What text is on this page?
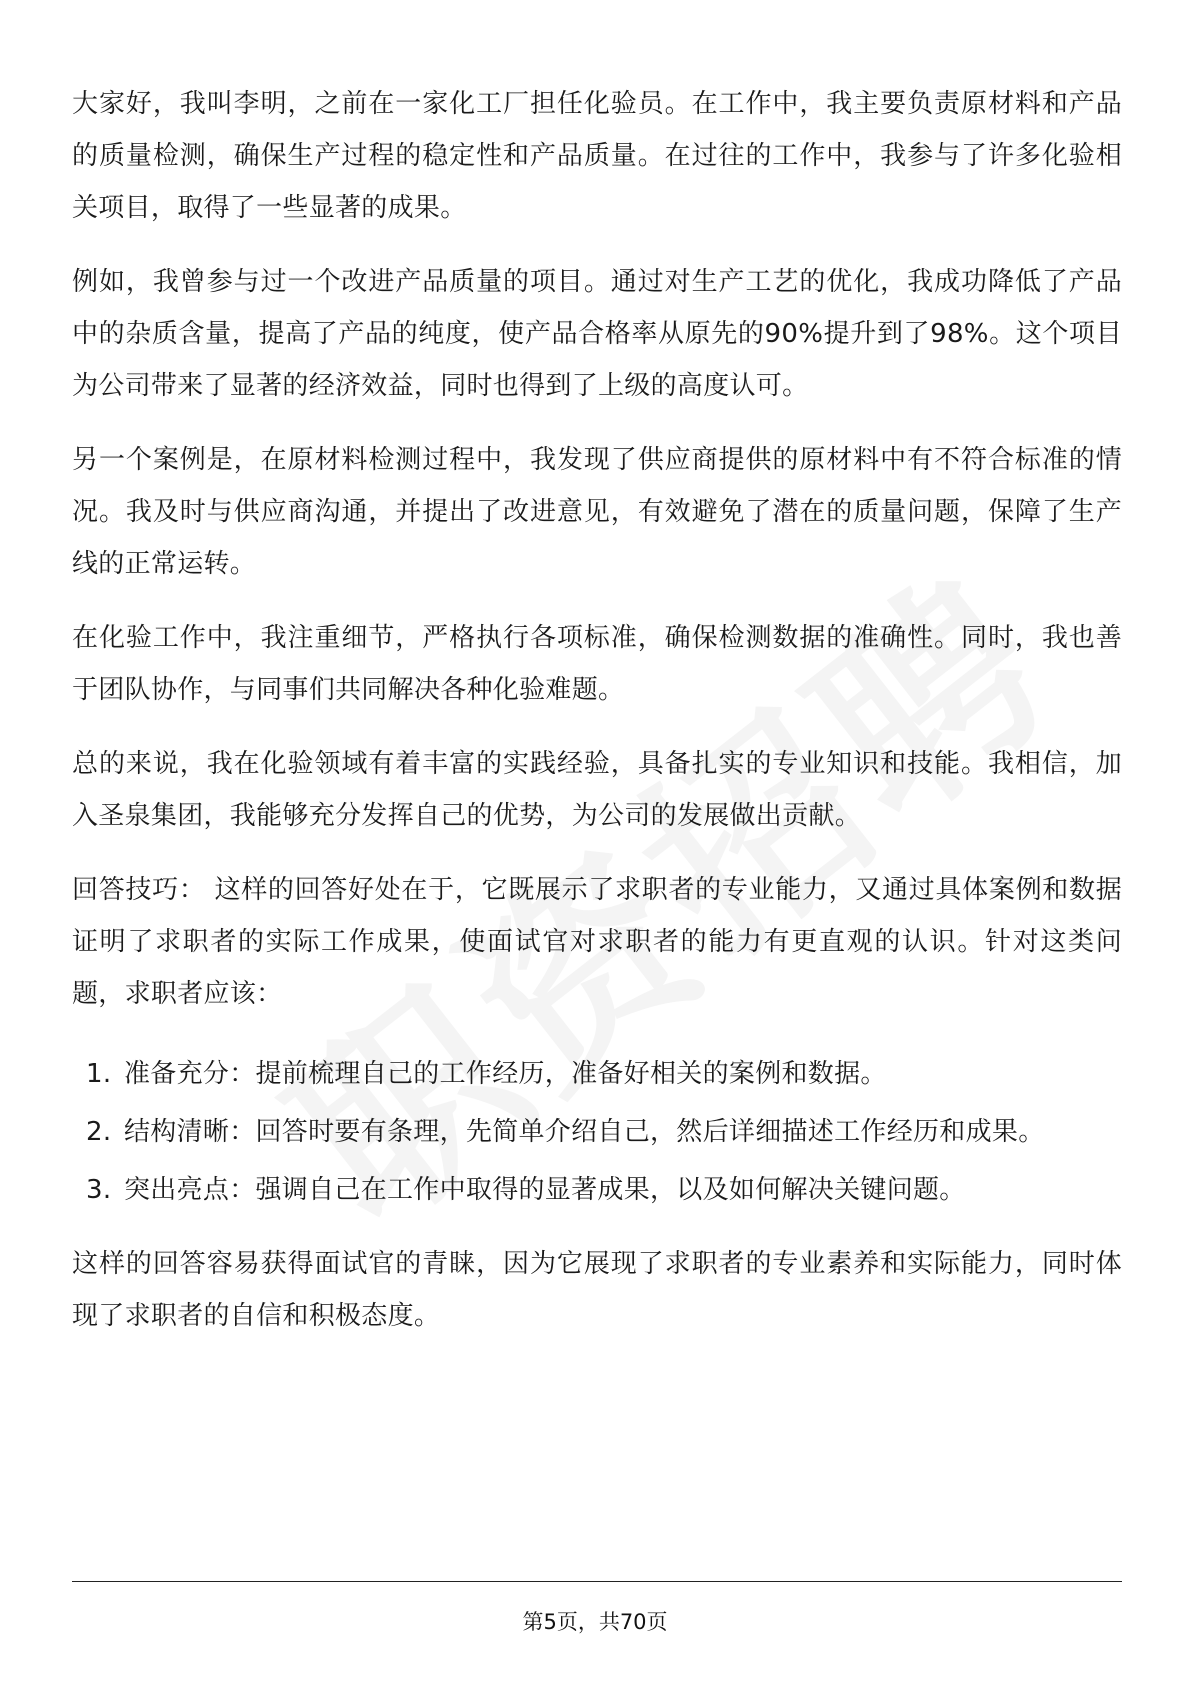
大家好，我叫李明，之前在一家化工厂担任化验员。在工作中，我主要负责原材料和产品的质量检测，确保生产过程的稳定性和产品质量。在过往的工作中，我参与了许多化验相关项目，取得了一些显著的成果。

例如，我曾参与过一个改进产品质量的项目。通过对生产工艺的优化，我成功降低了产品中的杂质含量，提高了产品的纯度，使产品合格率从原先的90%提升到了98%。这个项目为公司带来了显著的经济效益，同时也得到了上级的高度认可。

另一个案例是，在原材料检测过程中，我发现了供应商提供的原材料中有不符合标准的情况。我及时与供应商沟通，并提出了改进意见，有效避免了潜在的质量问题，保障了生产线的正常运转。

在化验工作中，我注重细节，严格执行各项标准，确保检测数据的准确性。同时，我也善于团队协作，与同事们共同解决各种化验难题。

总的来说，我在化验领域有着丰富的实践经验，具备扎实的专业知识和技能。我相信，加入圣泉集团，我能够充分发挥自己的优势，为公司的发展做出贡献。

回答技巧： 这样的回答好处在于，它既展示了求职者的专业能力，又通过具体案例和数据证明了求职者的实际工作成果，使面试官对求职者的能力有更直观的认识。针对这类问题，求职者应该：

1. 准备充分：提前梳理自己的工作经历，准备好相关的案例和数据。
2. 结构清晰：回答时要有条理，先简单介绍自己，然后详细描述工作经历和成果。
3. 突出亮点：强调自己在工作中取得的显著成果，以及如何解决关键问题。

这样的回答容易获得面试官的青睐，因为它展现了求职者的专业素养和实际能力，同时体现了求职者的自信和积极态度。

第5页，共70页
